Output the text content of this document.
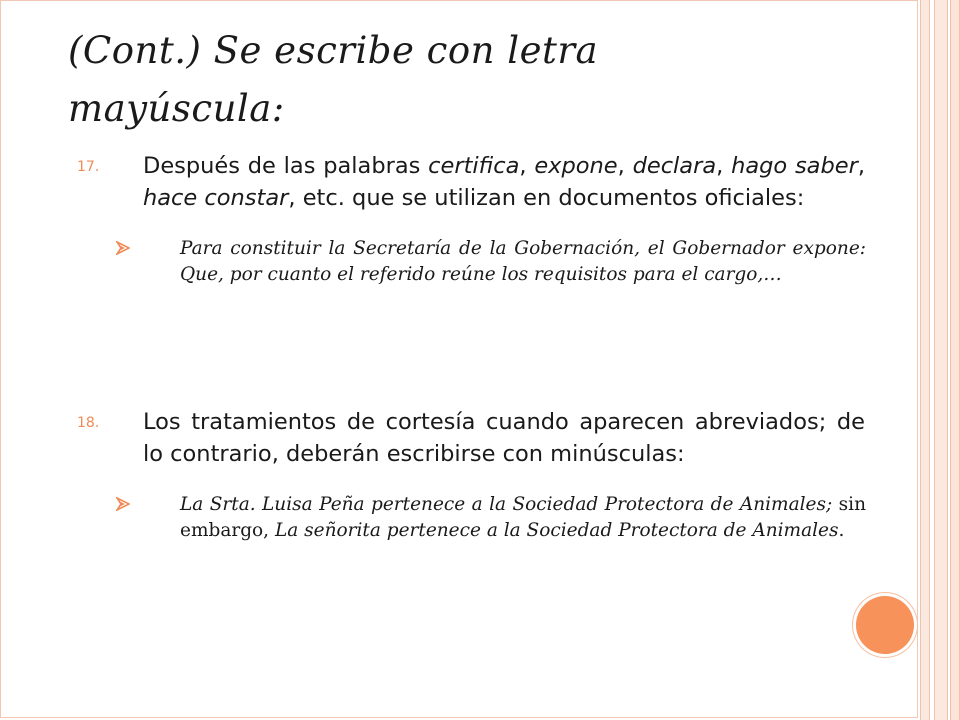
(Cont.) Se escribe con letra
mayúscula:
17. Después de las palabras certifica, expone, declara, hago saber, hace constar, etc. que se utilizan en documentos oficiales:
Para constituir la Secretaría de la Gobernación, el Gobernador expone: Que, por cuanto el referido reúne los requisitos para el cargo,…
18. Los tratamientos de cortesía cuando aparecen abreviados; de lo contrario, deberán escribirse con minúsculas:
La Srta. Luisa Peña pertenece a la Sociedad Protectora de Animales; sin embargo, La señorita pertenece a la Sociedad Protectora de Animales.
